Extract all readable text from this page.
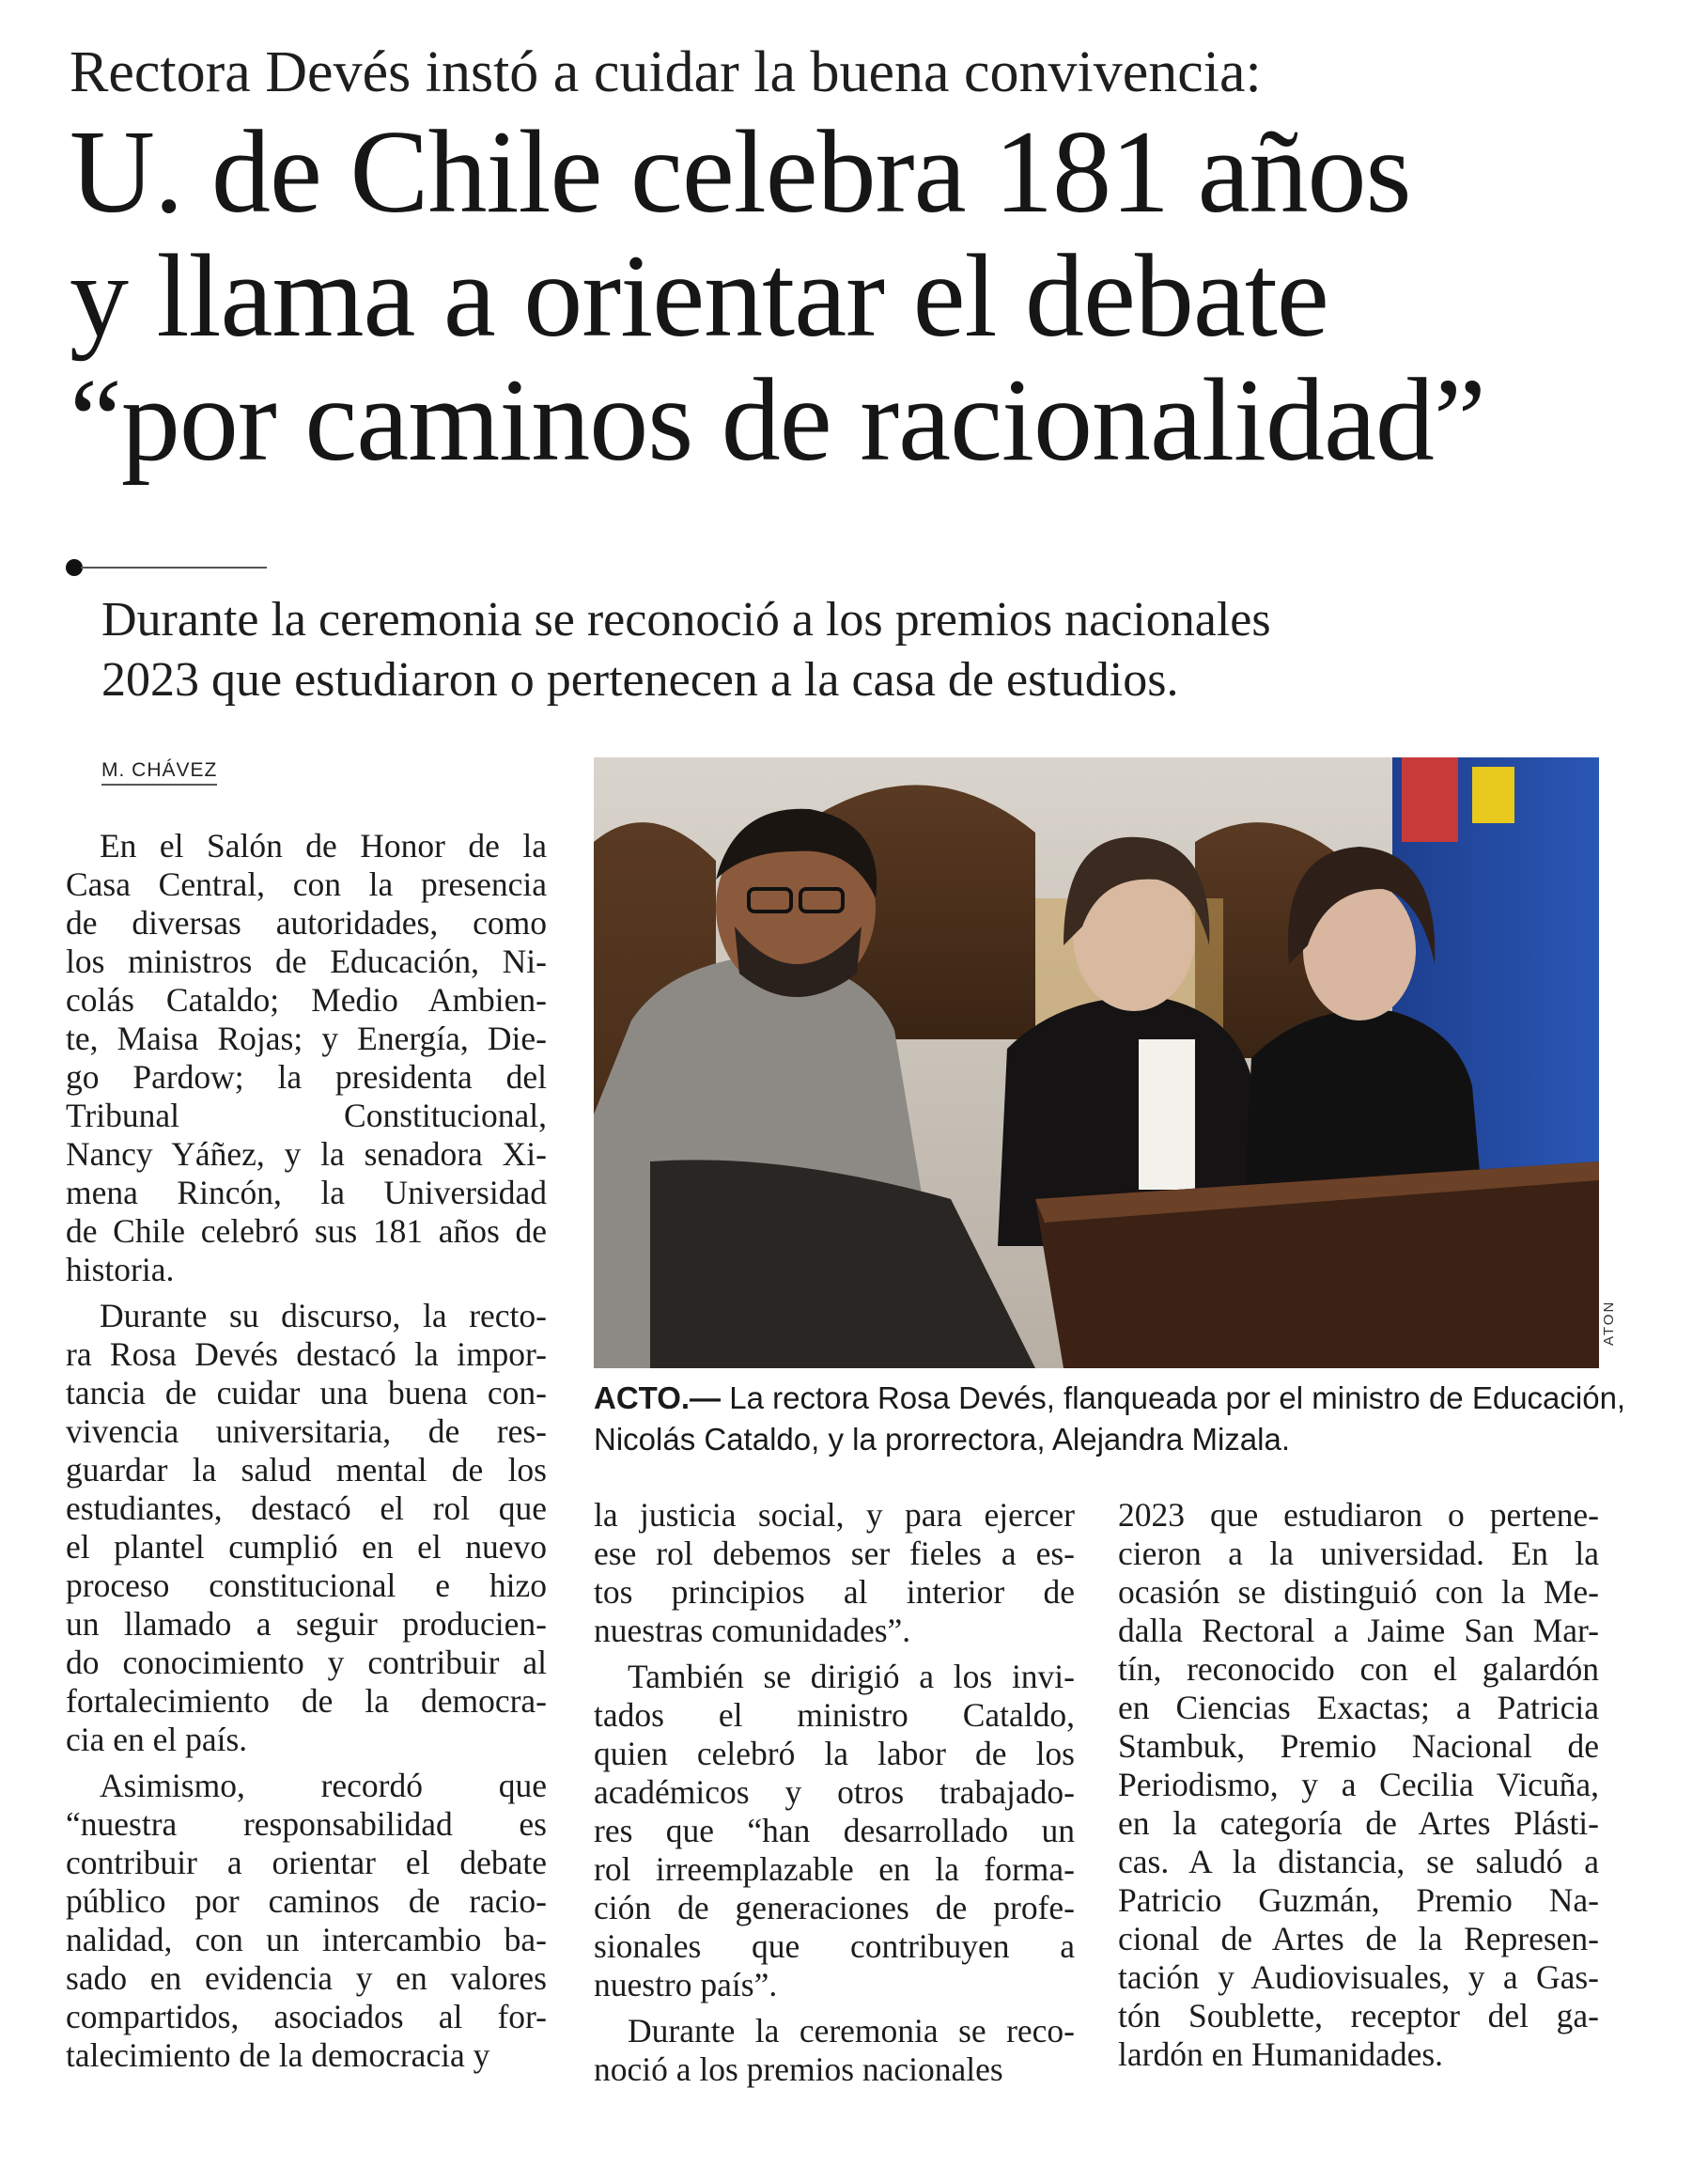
Rectora Devés instó a cuidar la buena convivencia:
U. de Chile celebra 181 años
y llama a orientar el debate
“por caminos de racionalidad”
Durante la ceremonia se reconoció a los premios nacionales
2023 que estudiaron o pertenecen a la casa de estudios.
M. CHÁVEZ
En el Salón de Honor de la
Casa Central, con la presencia
de diversas autoridades, como
los ministros de Educación, Ni-
colás Cataldo; Medio Ambien-
te, Maisa Rojas; y Energía, Die-
go Pardow; la presidenta del
Tribunal Constitucional,
Nancy Yáñez, y la senadora Xi-
mena Rincón, la Universidad
de Chile celebró sus 181 años de
historia.
Durante su discurso, la recto-
ra Rosa Devés destacó la impor-
tancia de cuidar una buena con-
vivencia universitaria, de res-
guardar la salud mental de los
estudiantes, destacó el rol que
el plantel cumplió en el nuevo
proceso constitucional e hizo
un llamado a seguir producien-
do conocimiento y contribuir al
fortalecimiento de la democra-
cia en el país.
Asimismo, recordó que
“nuestra responsabilidad es
contribuir a orientar el debate
público por caminos de racio-
nalidad, con un intercambio ba-
sado en evidencia y en valores
compartidos, asociados al for-
talecimiento de la democracia y
ATON
ACTO.— La rectora Rosa Devés, flanqueada por el ministro de Educación,
Nicolás Cataldo, y la prorrectora, Alejandra Mizala.
la justicia social, y para ejercer
ese rol debemos ser fieles a es-
tos principios al interior de
nuestras comunidades”.
También se dirigió a los invi-
tados el ministro Cataldo,
quien celebró la labor de los
académicos y otros trabajado-
res que “han desarrollado un
rol irreemplazable en la forma-
ción de generaciones de profe-
sionales que contribuyen a
nuestro país”.
Durante la ceremonia se reco-
noció a los premios nacionales
2023 que estudiaron o pertene-
cieron a la universidad. En la
ocasión se distinguió con la Me-
dalla Rectoral a Jaime San Mar-
tín, reconocido con el galardón
en Ciencias Exactas; a Patricia
Stambuk, Premio Nacional de
Periodismo, y a Cecilia Vicuña,
en la categoría de Artes Plásti-
cas. A la distancia, se saludó a
Patricio Guzmán, Premio Na-
cional de Artes de la Represen-
tación y Audiovisuales, y a Gas-
tón Soublette, receptor del ga-
lardón en Humanidades.
